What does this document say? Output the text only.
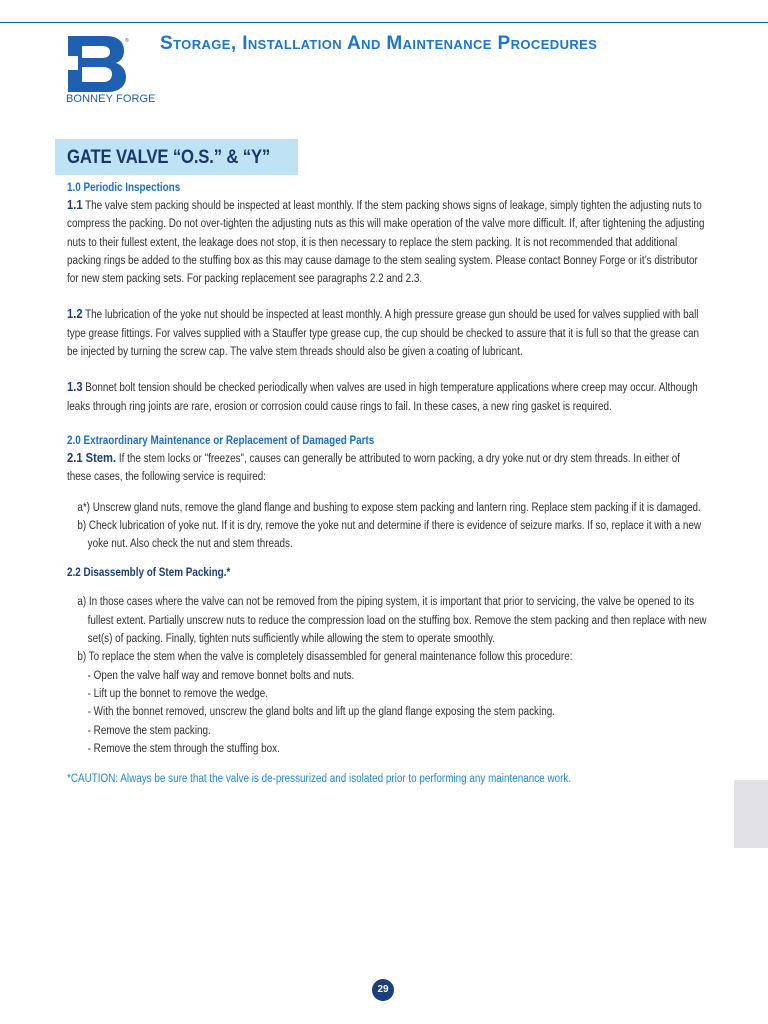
®
BONNEY FORGE
Storage, Installation And Maintenance Procedures
GATE VALVE “O.S.” & “Y”
1.0 Periodic Inspections

1.1 The valve stem packing should be inspected at least monthly. If the stem packing shows signs of leakage, simply tighten the adjusting nuts to compress the packing. Do not over-tighten the adjusting nuts as this will make operation of the valve more difficult. If, after tightening the adjusting nuts to their fullest extent, the leakage does not stop, it is then necessary to replace the stem packing. It is not recommended that additional packing rings be added to the stuffing box as this may cause damage to the stem sealing system. Please contact Bonney Forge or it’s distributor for new stem packing sets. For packing replacement see paragraphs 2.2 and 2.3.

1.2 The lubrication of the yoke nut should be inspected at least monthly. A high pressure grease gun should be used for valves supplied with ball type grease fittings. For valves supplied with a Stauffer type grease cup, the cup should be checked to assure that it is full so that the grease can be injected by turning the screw cap. The valve stem threads should also be given a coating of lubricant.

1.3 Bonnet bolt tension should be checked periodically when valves are used in high temperature applications where creep may occur. Although leaks through ring joints are rare, erosion or corrosion could cause rings to fail. In these cases, a new ring gasket is required.

2.0 Extraordinary Maintenance or Replacement of Damaged Parts

2.1 Stem. If the stem locks or "freezes", causes can generally be attributed to worn packing, a dry yoke nut or dry stem threads. In either of these cases, the following service is required:

a*) Unscrew gland nuts, remove the gland flange and bushing to expose stem packing and lantern ring. Replace stem packing if it is damaged.

b) Check lubrication of yoke nut. If it is dry, remove the yoke nut and determine if there is evidence of seizure marks. If so, replace it with a new yoke nut. Also check the nut and stem threads.

2.2 Disassembly of Stem Packing.*

a) In those cases where the valve can not be removed from the piping system, it is important that prior to servicing, the valve be opened to its fullest extent. Partially unscrew nuts to reduce the compression load on the stuffing box. Remove the stem packing and then replace with new set(s) of packing. Finally, tighten nuts sufficiently while allowing the stem to operate smoothly.

b) To replace the stem when the valve is completely disassembled for general maintenance follow this procedure:

- Open the valve half way and remove bonnet bolts and nuts.

- Lift up the bonnet to remove the wedge.

- With the bonnet removed, unscrew the gland bolts and lift up the gland flange exposing the stem packing.

- Remove the stem packing.

- Remove the stem through the stuffing box.

*CAUTION: Always be sure that the valve is de-pressurized and isolated prior to performing any maintenance work.
29
